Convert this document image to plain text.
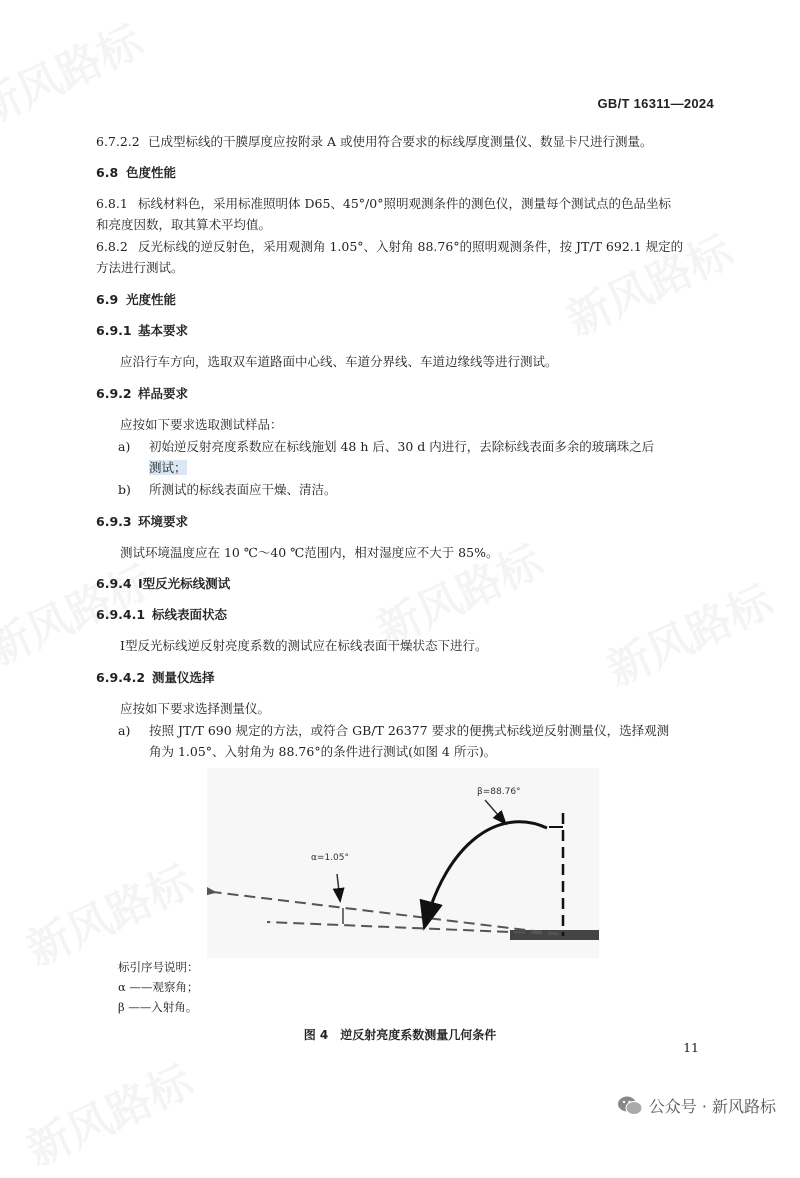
GB/T 16311—2024
6.7.2.2 已成型标线的干膜厚度应按附录 A 或使用符合要求的标线厚度测量仪、数显卡尺进行测量。
6.8 色度性能
6.8.1 标线材料色，采用标准照明体 D65、45°/0°照明观测条件的测色仪，测量每个测试点的色品坐标
和亮度因数，取其算术平均值。
6.8.2 反光标线的逆反射色，采用观测角 1.05°、入射角 88.76°的照明观测条件，按 JT/T 692.1 规定的
方法进行测试。
6.9 光度性能
6.9.1 基本要求
应沿行车方向，选取双车道路面中心线、车道分界线、车道边缘线等进行测试。
6.9.2 样品要求
应按如下要求选取测试样品：
a) 初始逆反射亮度系数应在标线施划 48 h 后、30 d 内进行，去除标线表面多余的玻璃珠之后
测试；
b) 所测试的标线表面应干燥、清洁。
6.9.3 环境要求
测试环境温度应在 10 ℃～40 ℃范围内，相对湿度应不大于 85%。
6.9.4 Ⅰ型反光标线测试
6.9.4.1 标线表面状态
Ⅰ型反光标线逆反射亮度系数的测试应在标线表面干燥状态下进行。
6.9.4.2 测量仪选择
应按如下要求选择测量仪。
a) 按照 JT/T 690 规定的方法，或符合 GB/T 26377 要求的便携式标线逆反射测量仪，选择观测
角为 1.05°、入射角为 88.76°的条件进行测试(如图 4 所示)。
α=1.05°
β=88.76°
标引序号说明：
α ——观察角；
β ——入射角。
图 4　逆反射亮度系数测量几何条件
11
公众号 · 新风路标
